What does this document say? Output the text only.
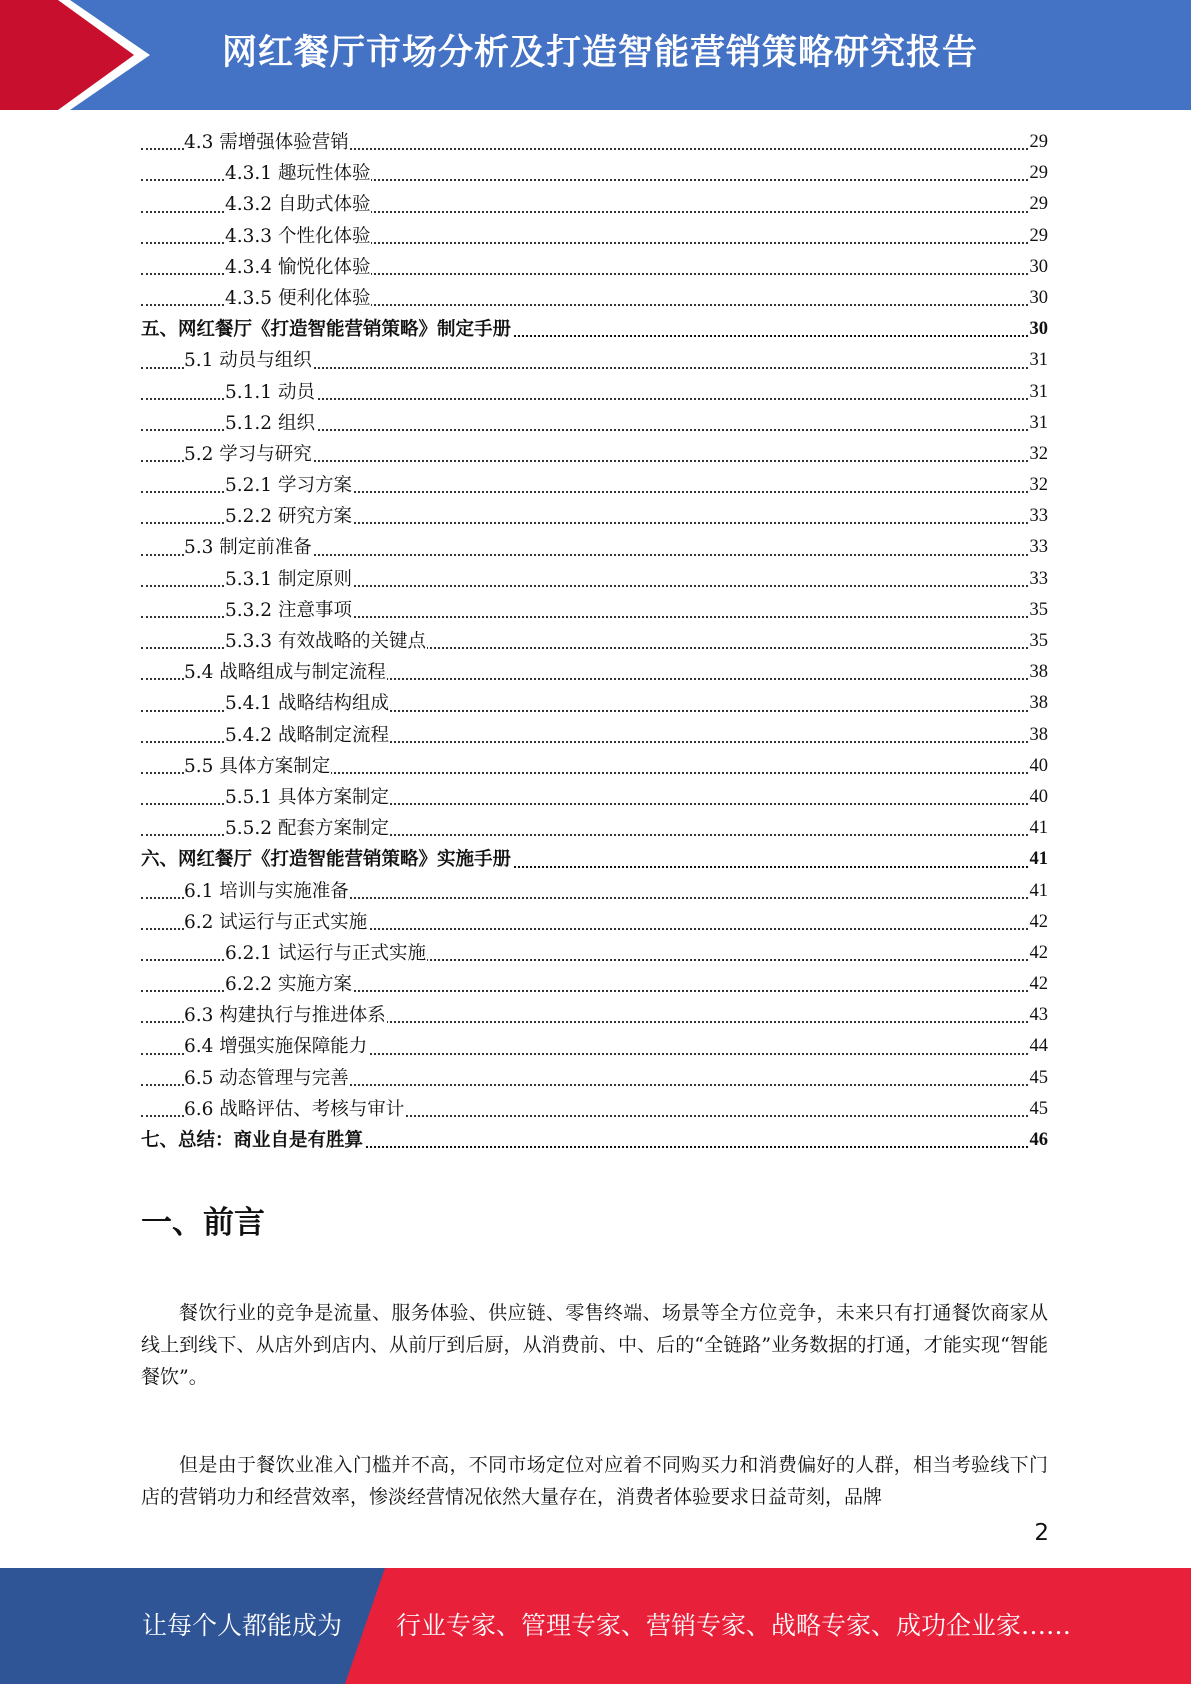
网红餐厅市场分析及打造智能营销策略研究报告
4.3 需增强体验营销	29
4.3.1 趣玩性体验	29
4.3.2 自助式体验	29
4.3.3 个性化体验	29
4.3.4 愉悦化体验	30
4.3.5 便利化体验	30
五、网红餐厅《打造智能营销策略》制定手册	30
5.1 动员与组织	31
5.1.1 动员	31
5.1.2 组织	31
5.2 学习与研究	32
5.2.1 学习方案	32
5.2.2 研究方案	33
5.3 制定前准备	33
5.3.1 制定原则	33
5.3.2 注意事项	35
5.3.3 有效战略的关键点	35
5.4 战略组成与制定流程	38
5.4.1 战略结构组成	38
5.4.2 战略制定流程	38
5.5 具体方案制定	40
5.5.1 具体方案制定	40
5.5.2 配套方案制定	41
六、网红餐厅《打造智能营销策略》实施手册	41
6.1 培训与实施准备	41
6.2 试运行与正式实施	42
6.2.1 试运行与正式实施	42
6.2.2 实施方案	42
6.3 构建执行与推进体系	43
6.4 增强实施保障能力	44
6.5 动态管理与完善	45
6.6 战略评估、考核与审计	45
七、总结：商业自是有胜算	46
一、前言

餐饮行业的竞争是流量、服务体验、供应链、零售终端、场景等全方位竞争，未来只有打通餐饮商家从线上到线下、从店外到店内、从前厅到后厨，从消费前、中、后的“全链路”业务数据的打通，才能实现“智能餐饮”。

但是由于餐饮业准入门槛并不高，不同市场定位对应着不同购买力和消费偏好的人群，相当考验线下门店的营销功力和经营效率，惨淡经营情况依然大量存在，消费者体验要求日益苛刻，品牌

2
让每个人都能成为 行业专家、管理专家、营销专家、战略专家、成功企业家……
